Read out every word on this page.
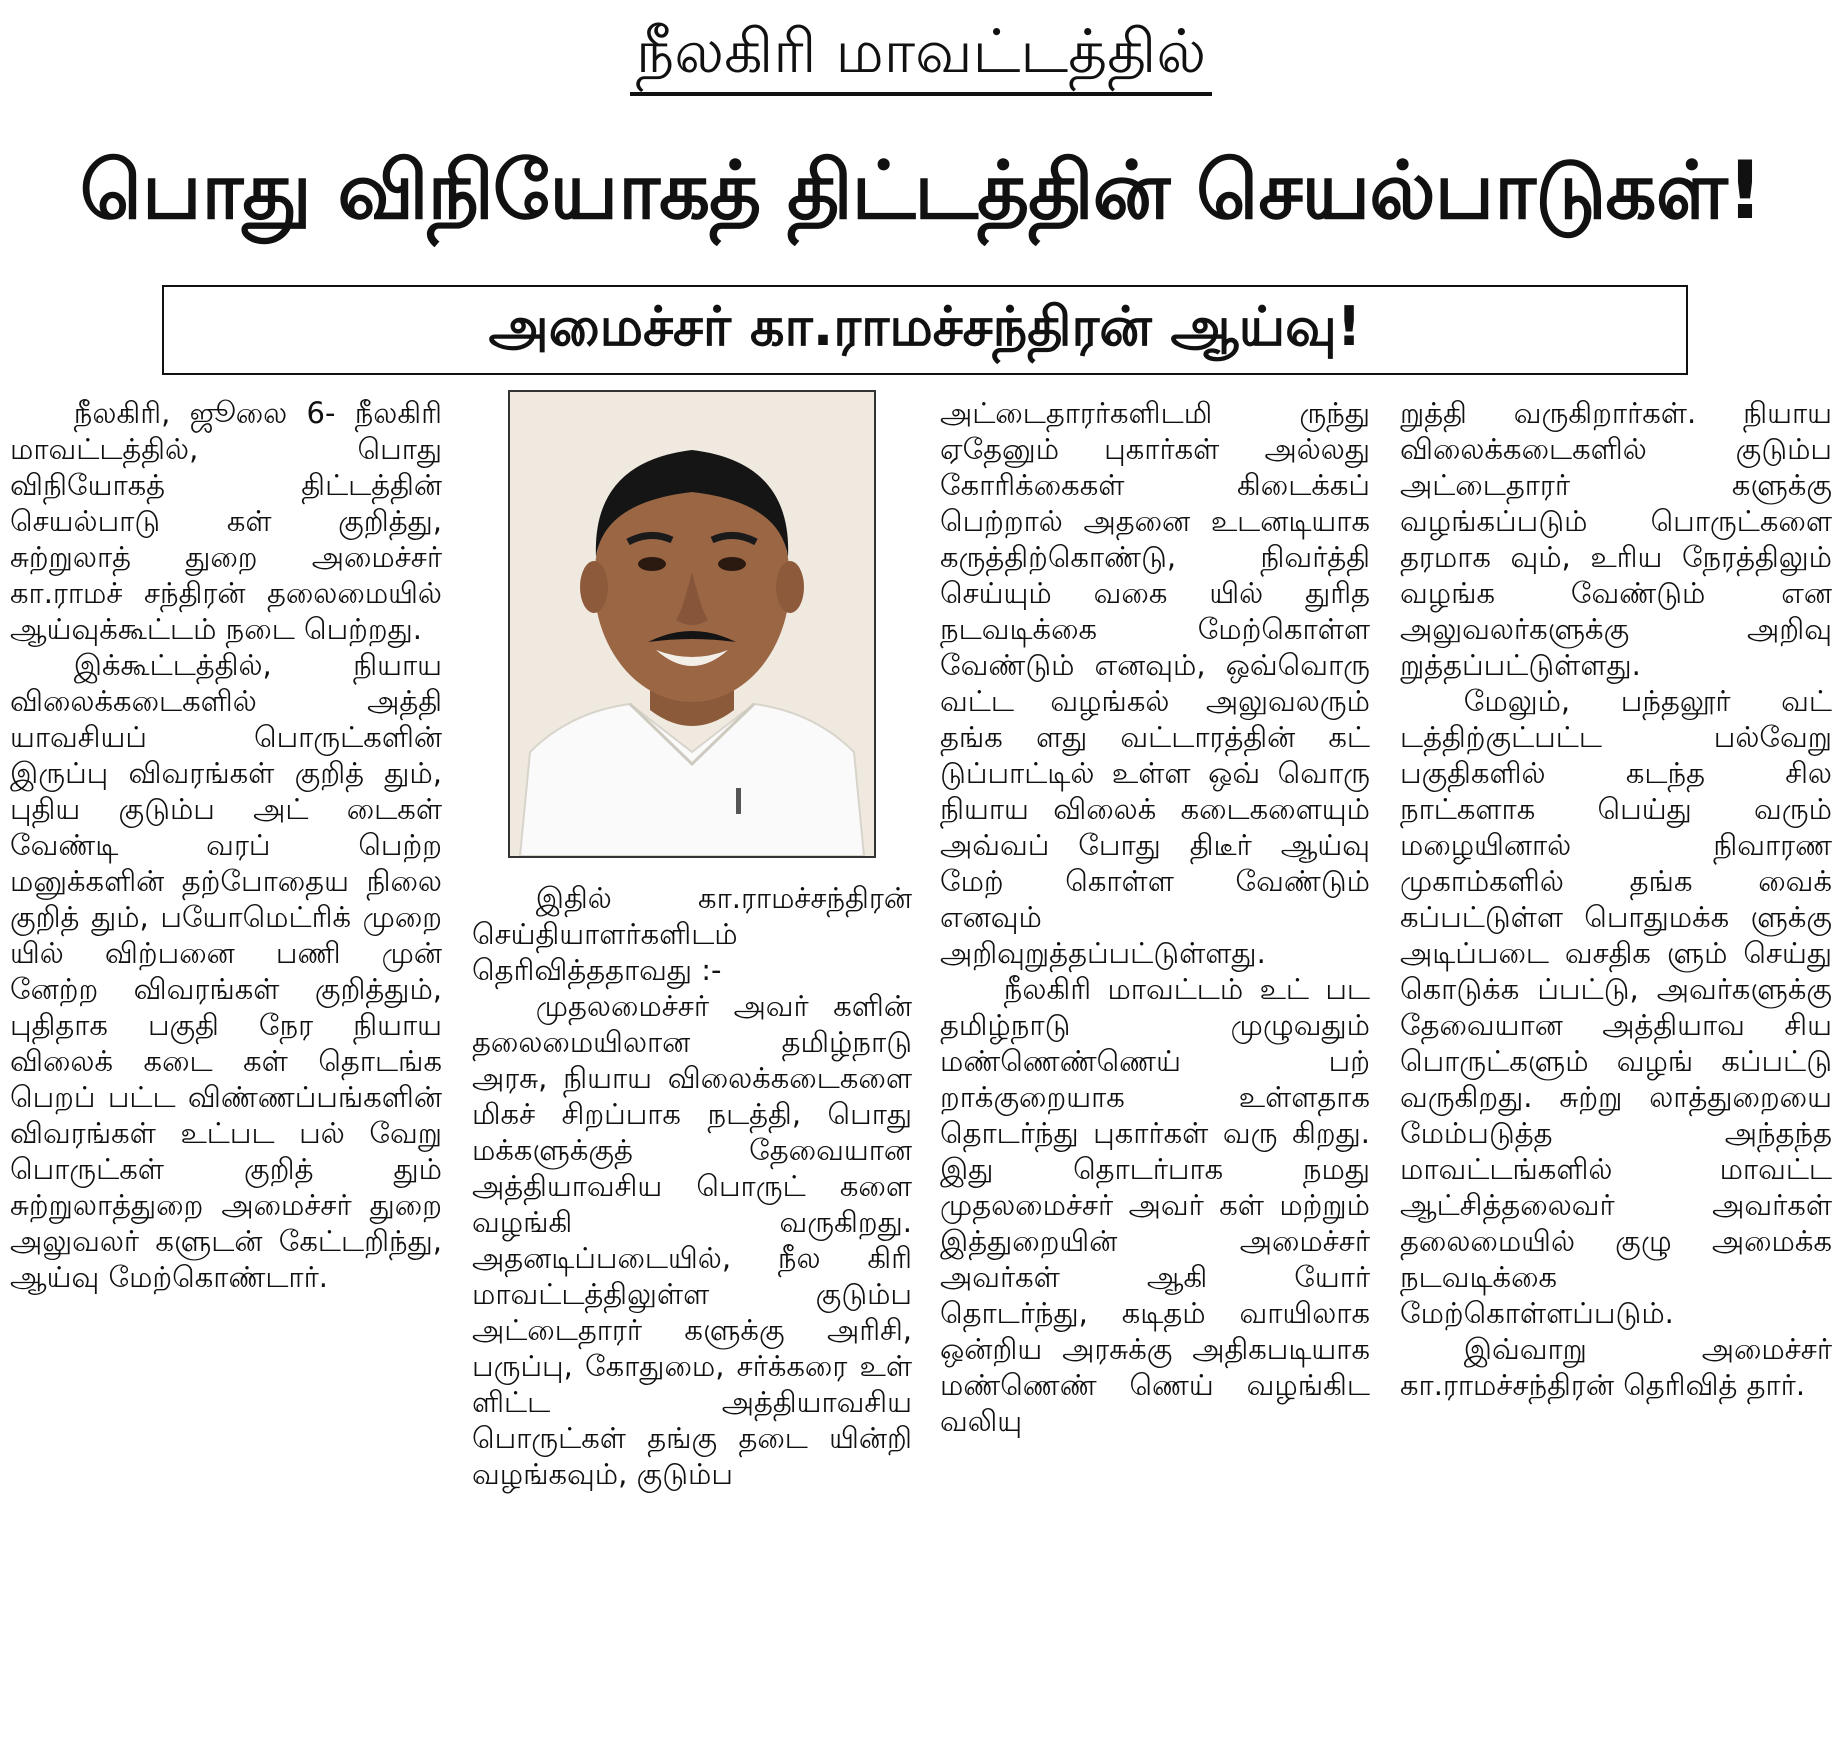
நீலகிரி மாவட்டத்தில்
பொது விநியோகத் திட்டத்தின் செயல்பாடுகள்!
அமைச்சர் கா.ராமச்சந்திரன் ஆய்வு!

நீலகிரி, ஜூலை 6- நீலகிரி மாவட்டத்தில், பொது விநியோகத் திட்டத்தின் செயல்பாடு கள் குறித்து, சுற்றுலாத் துறை அமைச்சர் கா.ராமச் சந்திரன் தலைமையில் ஆய்வுக்கூட்டம் நடை பெற்றது.

இக்கூட்டத்தில், நியாய விலைக்கடைகளில் அத்தி யாவசியப் பொருட்களின் இருப்பு விவரங்கள் குறித் தும், புதிய குடும்ப அட் டைகள் வேண்டி வரப் பெற்ற மனுக்களின் தற்போதைய நிலை குறித் தும், பயோமெட்ரிக் முறை யில் விற்பனை பணி முன் னேற்ற விவரங்கள் குறித்தும், புதிதாக பகுதி நேர நியாய விலைக் கடை கள் தொடங்க பெறப் பட்ட விண்ணப்பங்களின் விவரங்கள் உட்பட பல் வேறு பொருட்கள் குறித் தும் சுற்றுலாத்துறை அமைச்சர் துறை அலுவலர் களுடன் கேட்டறிந்து, ஆய்வு மேற்கொண்டார்.

இதில் கா.ராமச்சந்திரன் செய்தியாளர்களிடம் தெரிவித்ததாவது :-

முதலமைச்சர் அவர் களின் தலைமையிலான தமிழ்நாடு அரசு, நியாய விலைக்கடைகளை மிகச் சிறப்பாக நடத்தி, பொது மக்களுக்குத் தேவையான அத்தியாவசிய பொருட் களை வழங்கி வருகிறது. அதனடிப்படையில், நீல கிரி மாவட்டத்திலுள்ள குடும்ப அட்டைதாரர் களுக்கு அரிசி, பருப்பு, கோதுமை, சர்க்கரை உள் ளிட்ட அத்தியாவசிய பொருட்கள் தங்கு தடை யின்றி வழங்கவும், குடும்ப

அட்டைதாரர்களிடமி ருந்து ஏதேனும் புகார்கள் அல்லது கோரிக்கைகள் கிடைக்கப் பெற்றால் அதனை உடனடியாக கருத்திற்கொண்டு, நிவர்த்தி செய்யும் வகை யில் துரித நடவடிக்கை மேற்கொள்ள வேண்டும் எனவும், ஒவ்வொரு வட்ட வழங்கல் அலுவலரும் தங்க ளது வட்டாரத்தின் கட் டுப்பாட்டில் உள்ள ஒவ் வொரு நியாய விலைக் கடைகளையும் அவ்வப் போது திடீர் ஆய்வு மேற் கொள்ள வேண்டும் எனவும் அறிவுறுத்தப்பட்டுள்ளது.

நீலகிரி மாவட்டம் உட் பட தமிழ்நாடு முழுவதும் மண்ணெண்ணெய் பற் றாக்குறையாக உள்ளதாக தொடர்ந்து புகார்கள் வரு கிறது. இது தொடர்பாக நமது முதலமைச்சர் அவர் கள் மற்றும் இத்துறையின் அமைச்சர் அவர்கள் ஆகி யோர் தொடர்ந்து, கடிதம் வாயிலாக ஒன்றிய அரசுக்கு அதிகபடியாக மண்ணெண் ணெய் வழங்கிட வலியு

றுத்தி வருகிறார்கள். நியாய விலைக்கடைகளில் குடும்ப அட்டைதாரர் களுக்கு வழங்கப்படும் பொருட்களை தரமாக வும், உரிய நேரத்திலும் வழங்க வேண்டும் என அலுவலர்களுக்கு அறிவு றுத்தப்பட்டுள்ளது.

மேலும், பந்தலூர் வட் டத்திற்குட்பட்ட பல்வேறு பகுதிகளில் கடந்த சில நாட்களாக பெய்து வரும் மழையினால் நிவாரண முகாம்களில் தங்க வைக் கப்பட்டுள்ள பொதுமக்க ளுக்கு அடிப்படை வசதிக ளும் செய்து கொடுக்க ப்பட்டு, அவர்களுக்கு தேவையான அத்தியாவ சிய பொருட்களும் வழங் கப்பட்டு வருகிறது. சுற்று லாத்துறையை மேம்படுத்த அந்தந்த மாவட்டங்களில் மாவட்ட ஆட்சித்தலைவர் அவர்கள் தலைமையில் குழு அமைக்க நடவடிக்கை மேற்கொள்ளப்படும்.

இவ்வாறு அமைச்சர் கா.ராமச்சந்திரன் தெரிவித் தார்.
